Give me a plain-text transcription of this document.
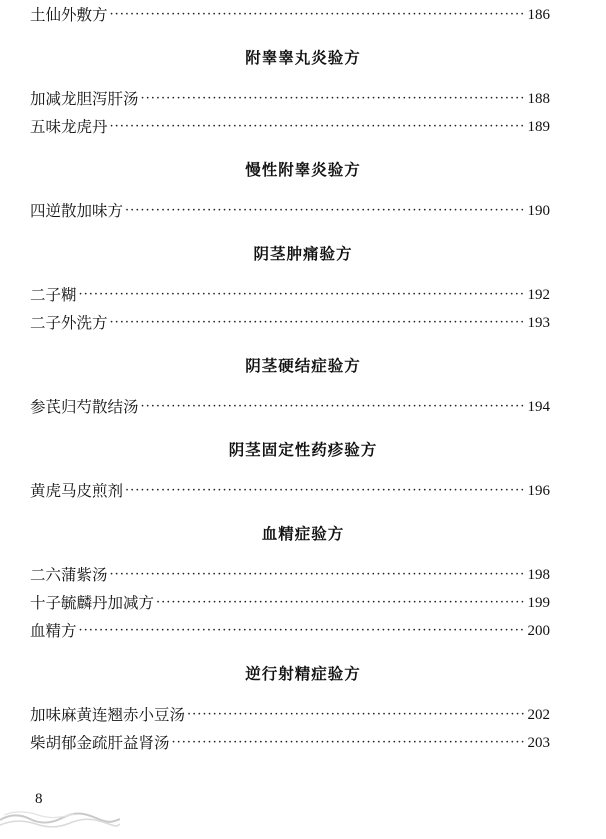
土仙外敷方 ·····	186
附睾睾丸炎验方
加减龙胆泻肝汤 ·····	188
五味龙虎丹 ·····	189
慢性附睾炎验方
四逆散加味方 ·····	190
阴茎肿痛验方
二子糊 ·····	192
二子外洗方 ·····	193
阴茎硬结症验方
参芪归芍散结汤 ·····	194
阴茎固定性药疹验方
黄虎马皮煎剂 ·····	196
血精症验方
二六蒲紫汤 ·····	198
十子毓麟丹加减方 ·····	199
血精方 ·····	200
逆行射精症验方
加味麻黄连翘赤小豆汤 ·····	202
柴胡郁金疏肝益肾汤 ·····	203
8
